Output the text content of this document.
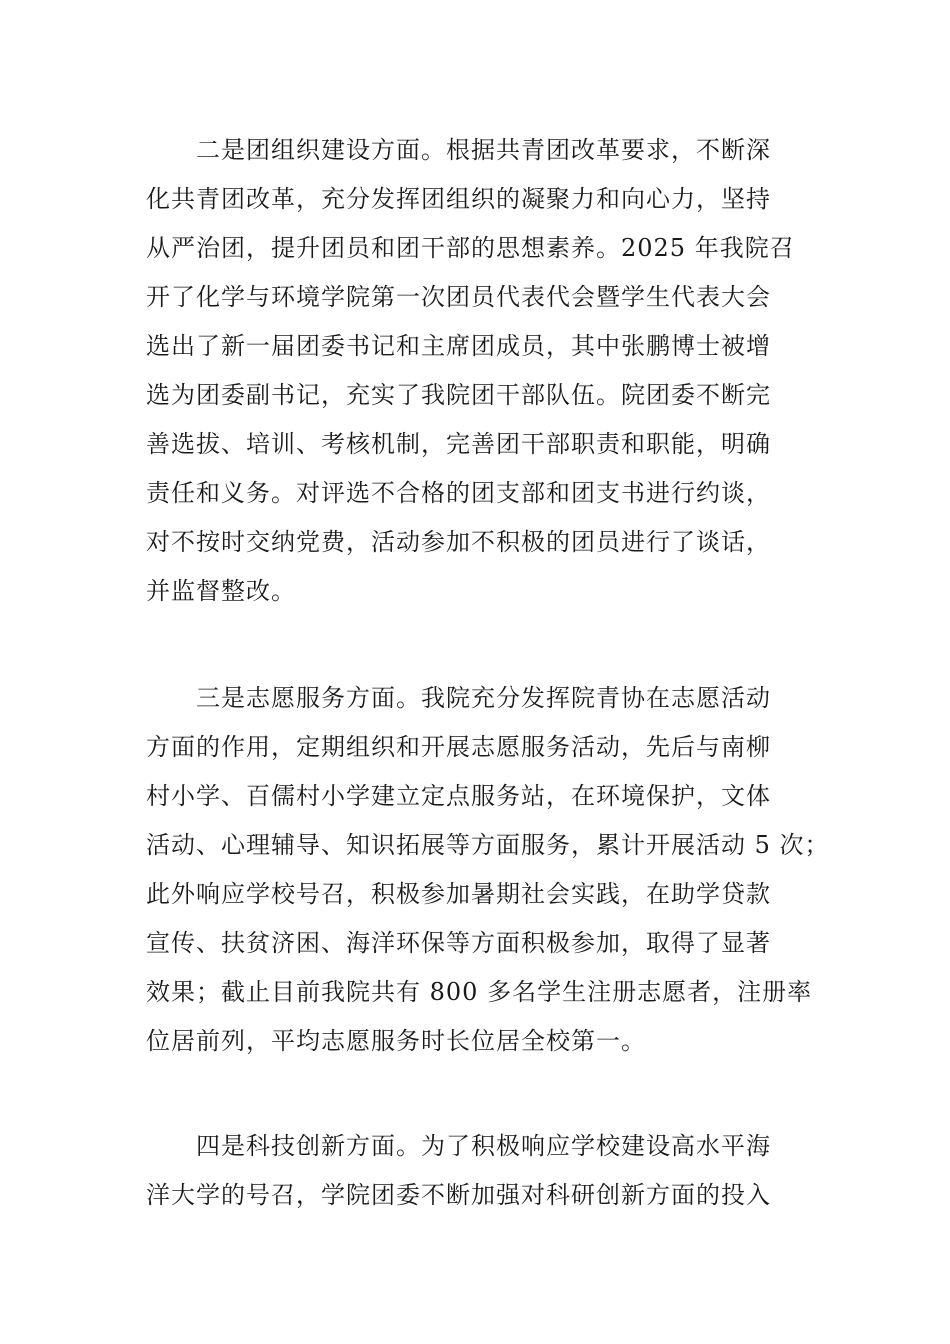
　　二是团组织建设方面。根据共青团改革要求，不断深
化共青团改革，充分发挥团组织的凝聚力和向心力，坚持
从严治团，提升团员和团干部的思想素养。2025 年我院召
开了化学与环境学院第一次团员代表代会暨学生代表大会
选出了新一届团委书记和主席团成员，其中张鹏博士被增
选为团委副书记，充实了我院团干部队伍。院团委不断完
善选拔、培训、考核机制，完善团干部职责和职能，明确
责任和义务。对评选不合格的团支部和团支书进行约谈，
对不按时交纳党费，活动参加不积极的团员进行了谈话，
并监督整改。
　　三是志愿服务方面。我院充分发挥院青协在志愿活动
方面的作用，定期组织和开展志愿服务活动，先后与南柳
村小学、百儒村小学建立定点服务站，在环境保护，文体
活动、心理辅导、知识拓展等方面服务，累计开展活动 5 次；
此外响应学校号召，积极参加暑期社会实践，在助学贷款
宣传、扶贫济困、海洋环保等方面积极参加，取得了显著
效果；截止目前我院共有 800 多名学生注册志愿者，注册率
位居前列，平均志愿服务时长位居全校第一。
　　四是科技创新方面。为了积极响应学校建设高水平海
洋大学的号召，学院团委不断加强对科研创新方面的投入
